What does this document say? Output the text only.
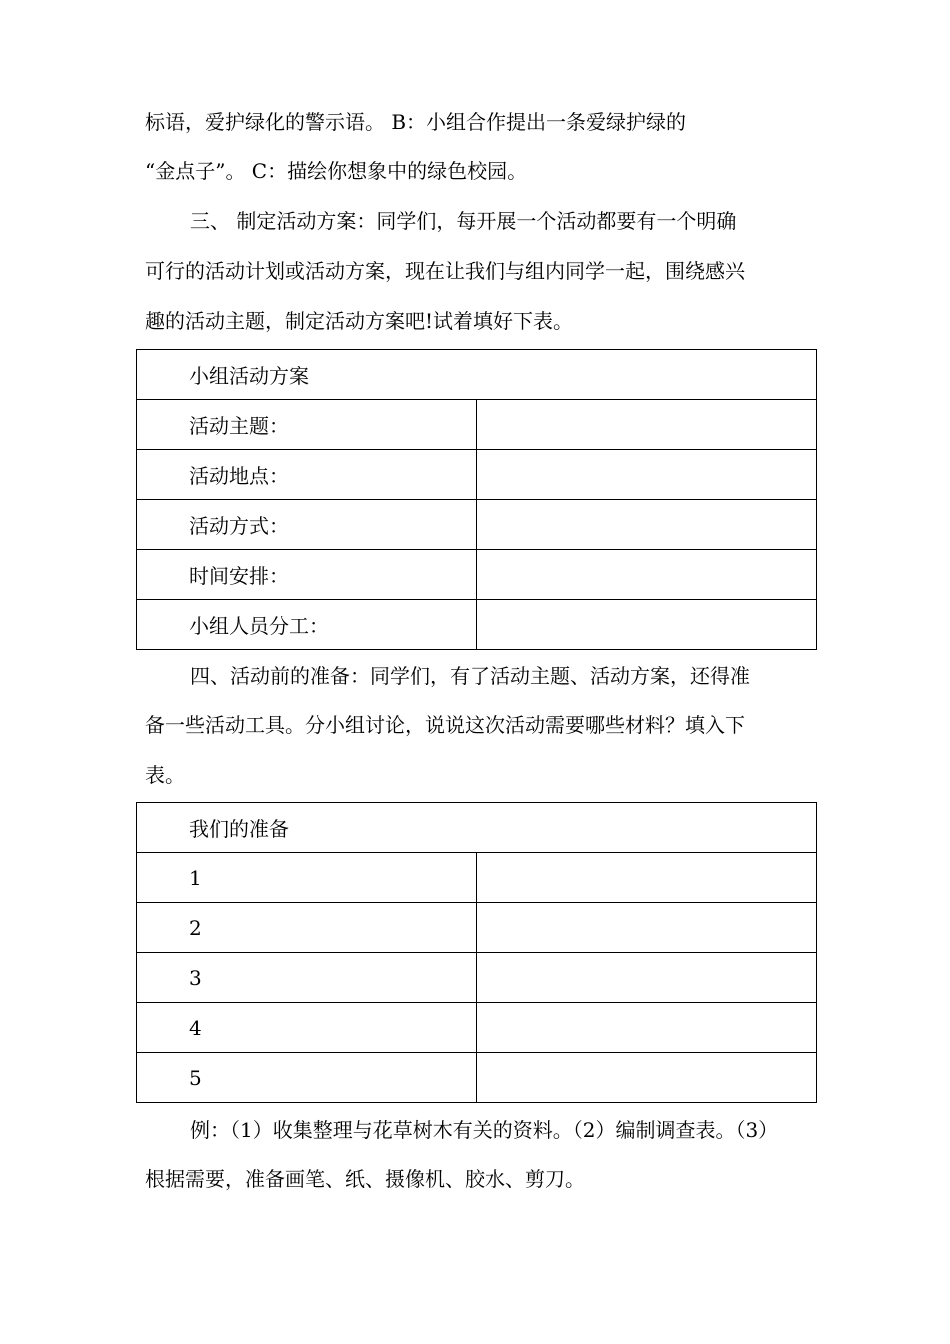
标语，爱护绿化的警示语。 B：小组合作提出一条爱绿护绿的
“金点子”。 C：描绘你想象中的绿色校园。
三、 制定活动方案：同学们，每开展一个活动都要有一个明确
可行的活动计划或活动方案，现在让我们与组内同学一起，围绕感兴
趣的活动主题，制定活动方案吧!试着填好下表。
小组活动方案	
活动主题：	
活动地点：	
活动方式：	
时间安排：	
小组人员分工：	
四、活动前的准备：同学们，有了活动主题、活动方案，还得准
备一些活动工具。分小组讨论，说说这次活动需要哪些材料？填入下
表。
我们的准备	
1	
2	
3	
4	
5	
例：（1）收集整理与花草树木有关的资料。（2）编制调查表。（3）
根据需要，准备画笔、纸、摄像机、胶水、剪刀。
